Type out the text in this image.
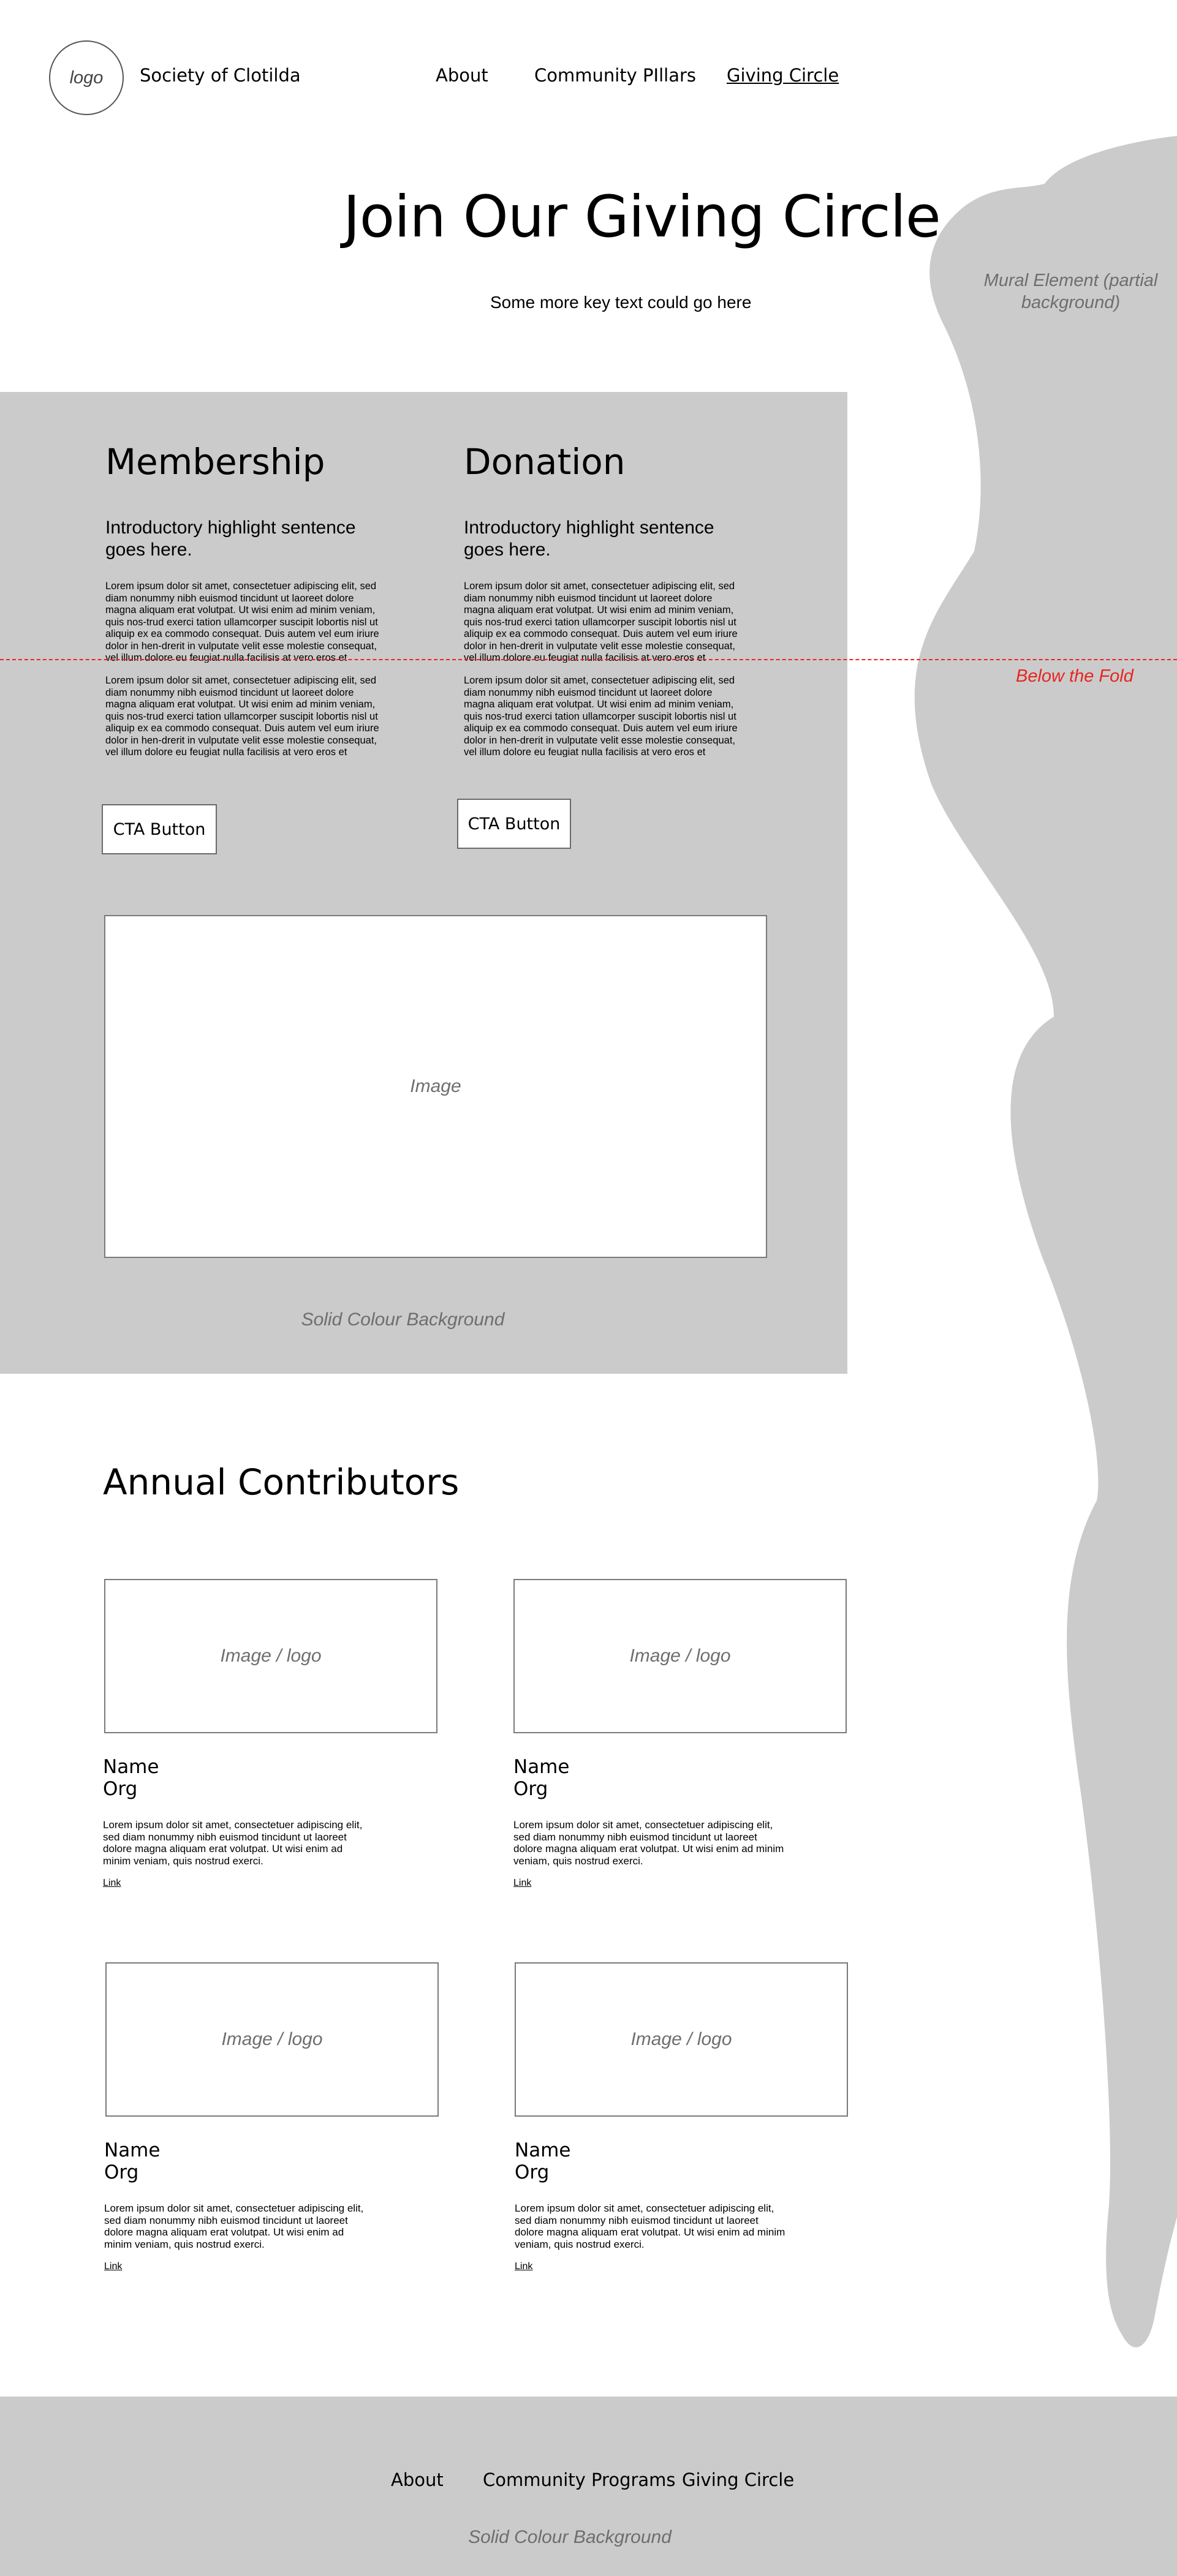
logo Society of Clotilda	About	Community PIllars Giving Circle
Join Our Giving Circle
Some more key text could go here
Mural Element (partial background)
Membership
Introductory highlight sentence goes here.
Lorem ipsum dolor sit amet, consectetuer adipiscing elit, sed diam nonummy nibh euismod tincidunt ut laoreet dolore magna aliquam erat volutpat. Ut wisi enim ad minim veniam, quis nos-trud exerci tation ullamcorper suscipit lobortis nisl ut aliquip ex ea commodo consequat. Duis autem vel eum iriure dolor in hen-drerit in vulputate velit esse molestie consequat, vel illum dolore eu feugiat nulla facilisis at vero eros et
Lorem ipsum dolor sit amet, consectetuer adipiscing elit, sed diam nonummy nibh euismod tincidunt ut laoreet dolore magna aliquam erat volutpat. Ut wisi enim ad minim veniam, quis nos-trud exerci tation ullamcorper suscipit lobortis nisl ut aliquip ex ea commodo consequat. Duis autem vel eum iriure dolor in hen-drerit in vulputate velit esse molestie consequat, vel illum dolore eu feugiat nulla facilisis at vero eros et
CTA Button
Donation
Introductory highlight sentence goes here.
Lorem ipsum dolor sit amet, consectetuer adipiscing elit, sed diam nonummy nibh euismod tincidunt ut laoreet dolore magna aliquam erat volutpat. Ut wisi enim ad minim veniam, quis nos-trud exerci tation ullamcorper suscipit lobortis nisl ut aliquip ex ea commodo consequat. Duis autem vel eum iriure dolor in hen-drerit in vulputate velit esse molestie consequat, vel illum dolore eu feugiat nulla facilisis at vero eros et
Lorem ipsum dolor sit amet, consectetuer adipiscing elit, sed diam nonummy nibh euismod tincidunt ut laoreet dolore magna aliquam erat volutpat. Ut wisi enim ad minim veniam, quis nos-trud exerci tation ullamcorper suscipit lobortis nisl ut aliquip ex ea commodo consequat. Duis autem vel eum iriure dolor in hen-drerit in vulputate velit esse molestie consequat, vel illum dolore eu feugiat nulla facilisis at vero eros et
CTA Button
Image
Solid Colour Background
Below the Fold
Annual Contributors
Image / logo
Name
Org
Lorem ipsum dolor sit amet, consectetuer adipiscing elit, sed diam nonummy nibh euismod tincidunt ut laoreet dolore magna aliquam erat volutpat. Ut wisi enim ad minim veniam, quis nostrud exerci.
Link
Image / logo
Name
Org
Lorem ipsum dolor sit amet, consectetuer adipiscing elit, sed diam nonummy nibh euismod tincidunt ut laoreet dolore magna aliquam erat volutpat. Ut wisi enim ad minim veniam, quis nostrud exerci.
Link
Image / logo
Name
Org
Lorem ipsum dolor sit amet, consectetuer adipiscing elit, sed diam nonummy nibh euismod tincidunt ut laoreet dolore magna aliquam erat volutpat. Ut wisi enim ad minim veniam, quis nostrud exerci.
Link
Image / logo
Name
Org
Lorem ipsum dolor sit amet, consectetuer adipiscing elit, sed diam nonummy nibh euismod tincidunt ut laoreet dolore magna aliquam erat volutpat. Ut wisi enim ad minim veniam, quis nostrud exerci.
Link
About Community Programs Giving Circle
Solid Colour Background
